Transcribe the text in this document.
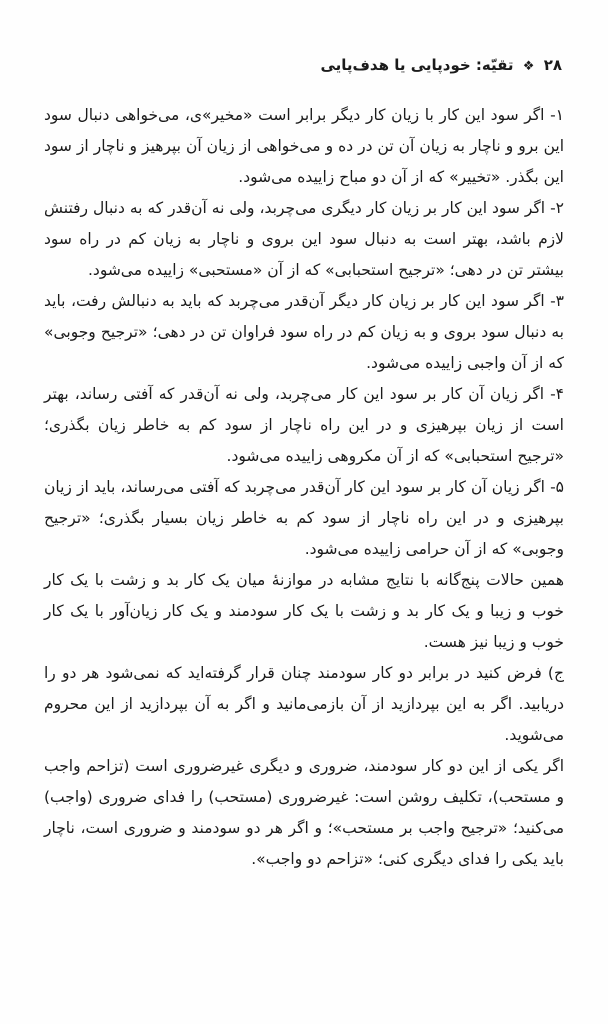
۲۸ ❖ تقیّه: خودپایی یا هدف‌پایی

۱- اگر سود این کار با زیان کار دیگر برابر است «مخیر»ی، می‌خواهی دنبال سود این برو و ناچار به زیان آن تن در ده و می‌خواهی از زیان آن بپرهیز و ناچار از سود این بگذر. «تخییر» که از آن دو مباح زاییده می‌شود.

۲- اگر سود این کار بر زیان کار دیگری می‌چربد، ولی نه آن‌قدر که به دنبال رفتنش لازم باشد، بهتر است به دنبال سود این بروی و ناچار به زیان کم در راه سود بیشتر تن در دهی؛ «ترجیح استحبابی» که از آن «مستحبی» زاییده می‌شود.

۳- اگر سود این کار بر زیان کار دیگر آن‌قدر می‌چربد که باید به دنبالش رفت، باید به دنبال سود بروی و به زیان کم در راه سود فراوان تن در دهی؛ «ترجیح وجوبی» که از آن واجبی زاییده می‌شود.

۴- اگر زیان آن کار بر سود این کار می‌چربد، ولی نه آن‌قدر که آفتی رساند، بهتر است از زیان بپرهیزی و در این راه ناچار از سود کم به خاطر زیان بگذری؛ «ترجیح استحبابی» که از آن مکروهی زاییده می‌شود.

۵- اگر زیان آن کار بر سود این کار آن‌قدر می‌چربد که آفتی می‌رساند، باید از زیان بپرهیزی و در این راه ناچار از سود کم به خاطر زیان بسیار بگذری؛ «ترجیح وجوبی» که از آن حرامی زاییده می‌شود.

همین حالات پنج‌گانه با نتایج مشابه در موازنهٔ میان یک کار بد و زشت با یک کار خوب و زیبا و یک کار بد و زشت با یک کار سودمند و یک کار زیان‌آور با یک کار خوب و زیبا نیز هست.

ج) فرض کنید در برابر دو کار سودمند چنان قرار گرفته‌اید که نمی‌شود هر دو را دریابید. اگر به این بپردازید از آن بازمی‌مانید و اگر به آن بپردازید از این محروم می‌شوید.

اگر یکی از این دو کار سودمند، ضروری و دیگری غیرضروری است (تزاحم واجب و مستحب)، تکلیف روشن است: غیرضروری (مستحب) را فدای ضروری (واجب) می‌کنید؛ «ترجیح واجب بر مستحب»؛ و اگر هر دو سودمند و ضروری است، ناچار باید یکی را فدای دیگری کنی؛ «تزاحم دو واجب».
